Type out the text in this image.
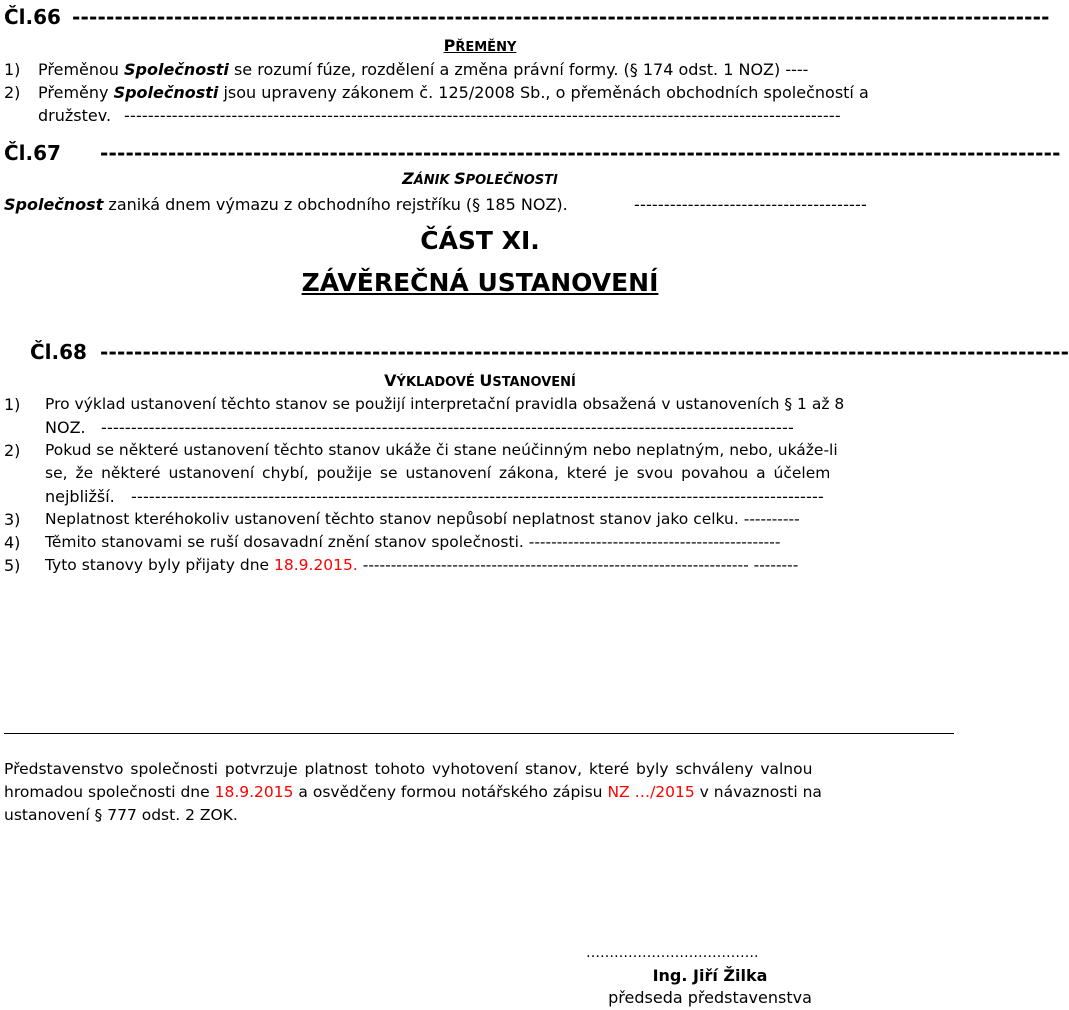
Čl.66 -------------------------------------------------------------------------------------------------------------------
PŘEMĚNY
1) Přeměnou Společnosti se rozumí fúze, rozdělení a změna právní formy. (§ 174 odst. 1 NOZ) ----
2) Přeměny Společnosti jsou upraveny zákonem č. 125/2008 Sb., o přeměnách obchodních společností a
družstev. ------------------------------------------------------------------------------------------------------------------------
Čl.67 -----------------------------------------------------------------------------------------------------------------
ZÁNIK SPOLEČNOSTI
Společnost zaniká dnem výmazu z obchodního rejstříku (§ 185 NOZ).	---------------------------------------
ČÁST XI.
ZÁVĚREČNÁ USTANOVENÍ
Čl.68 ------------------------------------------------------------------------------------------------------------------
VÝKLADOVÉ USTANOVENÍ
1) Pro výklad ustanovení těchto stanov se použijí interpretační pravidla obsažená v ustanoveních § 1 až 8
NOZ. --------------------------------------------------------------------------------------------------------------------
2) Pokud se některé ustanovení těchto stanov ukáže či stane neúčinným nebo neplatným, nebo, ukáže-li
se, že některé ustanovení chybí, použije se ustanovení zákona, které je svou povahou a účelem
nejbližší. --------------------------------------------------------------------------------------------------------------------
3) Neplatnost kteréhokoliv ustanovení těchto stanov nepůsobí neplatnost stanov jako celku. ----------
4) Těmito stanovami se ruší dosavadní znění stanov společnosti. ---------------------------------------------
5) Tyto stanovy byly přijaty dne 18.9.2015. --------------------------------------------------------------------- --------
Představenstvo společnosti potvrzuje platnost tohoto vyhotovení stanov, které byly schváleny valnou
hromadou společnosti dne 18.9.2015 a osvědčeny formou notářského zápisu NZ …/2015 v návaznosti na
ustanovení § 777 odst. 2 ZOK.
……………………………….
Ing. Jiří Žilka
předseda představenstva
